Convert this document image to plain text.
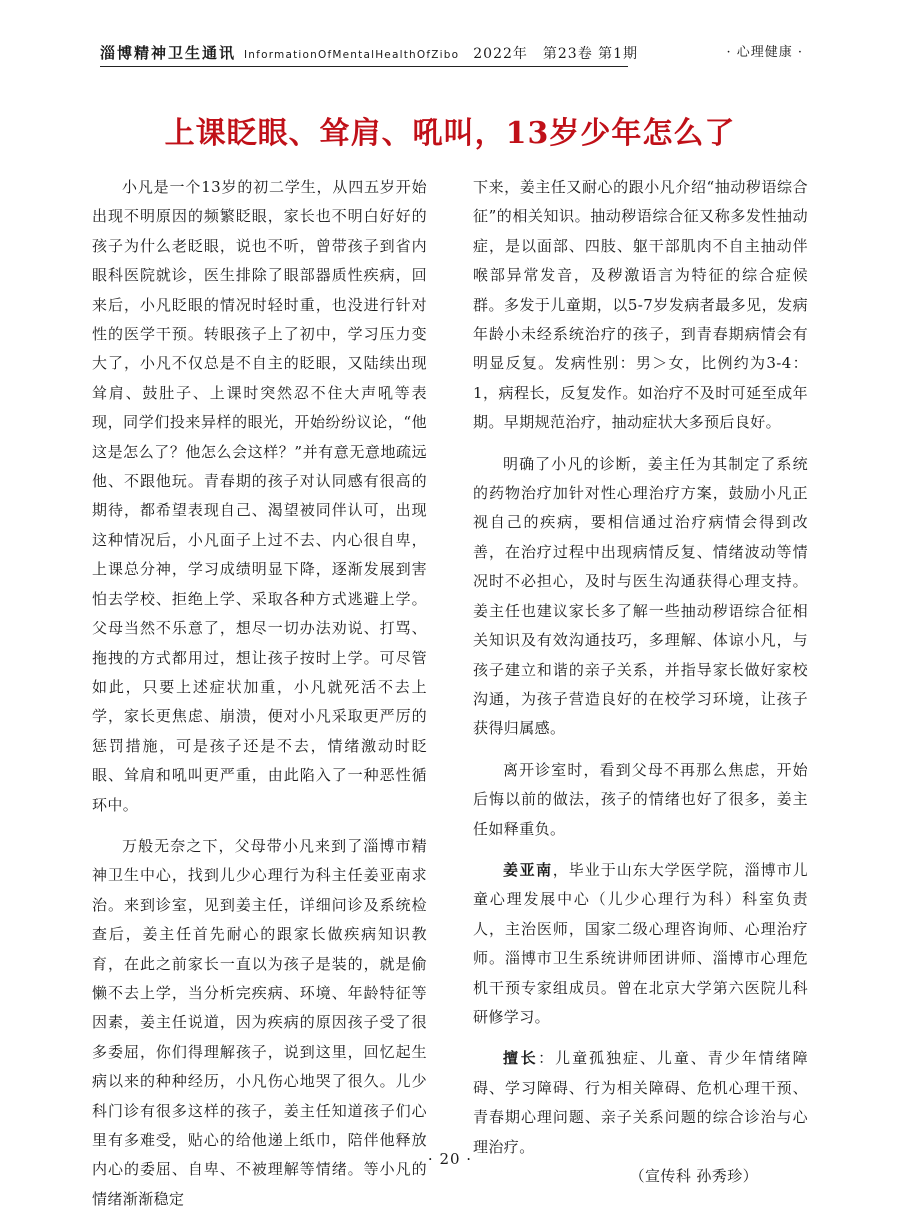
淄博精神卫生通讯 InformationOfMentalHealthOfZibo 2022年　第23卷 第1期	· 心理健康 ·
上课眨眼、耸肩、吼叫，13岁少年怎么了

小凡是一个13岁的初二学生，从四五岁开始出现不明原因的频繁眨眼，家长也不明白好好的孩子为什么老眨眼，说也不听，曾带孩子到省内眼科医院就诊，医生排除了眼部器质性疾病，回来后，小凡眨眼的情况时轻时重，也没进行针对性的医学干预。转眼孩子上了初中，学习压力变大了，小凡不仅总是不自主的眨眼，又陆续出现耸肩、鼓肚子、上课时突然忍不住大声吼等表现，同学们投来异样的眼光，开始纷纷议论，“他这是怎么了？他怎么会这样？”并有意无意地疏远他、不跟他玩。青春期的孩子对认同感有很高的期待，都希望表现自己、渴望被同伴认可，出现这种情况后，小凡面子上过不去、内心很自卑，上课总分神，学习成绩明显下降，逐渐发展到害怕去学校、拒绝上学、采取各种方式逃避上学。父母当然不乐意了，想尽一切办法劝说、打骂、拖拽的方式都用过，想让孩子按时上学。可尽管如此，只要上述症状加重，小凡就死活不去上学，家长更焦虑、崩溃，便对小凡采取更严厉的惩罚措施，可是孩子还是不去，情绪激动时眨眼、耸肩和吼叫更严重，由此陷入了一种恶性循环中。

万般无奈之下，父母带小凡来到了淄博市精神卫生中心，找到儿少心理行为科主任姜亚南求治。来到诊室，见到姜主任，详细问诊及系统检查后，姜主任首先耐心的跟家长做疾病知识教育，在此之前家长一直以为孩子是装的，就是偷懒不去上学，当分析完疾病、环境、年龄特征等因素，姜主任说道，因为疾病的原因孩子受了很多委屈，你们得理解孩子，说到这里，回忆起生病以来的种种经历，小凡伤心地哭了很久。儿少科门诊有很多这样的孩子，姜主任知道孩子们心里有多难受，贴心的给他递上纸巾，陪伴他释放内心的委屈、自卑、不被理解等情绪。等小凡的情绪渐渐稳定

下来，姜主任又耐心的跟小凡介绍“抽动秽语综合征”的相关知识。抽动秽语综合征又称多发性抽动症，是以面部、四肢、躯干部肌肉不自主抽动伴喉部异常发音，及秽激语言为特征的综合症候群。多发于儿童期，以5-7岁发病者最多见，发病年龄小未经系统治疗的孩子，到青春期病情会有明显反复。发病性别：男＞女，比例约为3-4：1，病程长，反复发作。如治疗不及时可延至成年期。早期规范治疗，抽动症状大多预后良好。

明确了小凡的诊断，姜主任为其制定了系统的药物治疗加针对性心理治疗方案，鼓励小凡正视自己的疾病，要相信通过治疗病情会得到改善，在治疗过程中出现病情反复、情绪波动等情况时不必担心，及时与医生沟通获得心理支持。姜主任也建议家长多了解一些抽动秽语综合征相关知识及有效沟通技巧，多理解、体谅小凡，与孩子建立和谐的亲子关系，并指导家长做好家校沟通，为孩子营造良好的在校学习环境，让孩子获得归属感。

离开诊室时，看到父母不再那么焦虑，开始后悔以前的做法，孩子的情绪也好了很多，姜主任如释重负。

姜亚南，毕业于山东大学医学院，淄博市儿童心理发展中心（儿少心理行为科）科室负责人，主治医师，国家二级心理咨询师、心理治疗师。淄博市卫生系统讲师团讲师、淄博市心理危机干预专家组成员。曾在北京大学第六医院儿科研修学习。

擅长：儿童孤独症、儿童、青少年情绪障碍、学习障碍、行为相关障碍、危机心理干预、青春期心理问题、亲子关系问题的综合诊治与心理治疗。

（宣传科 孙秀珍）

· 20 ·
